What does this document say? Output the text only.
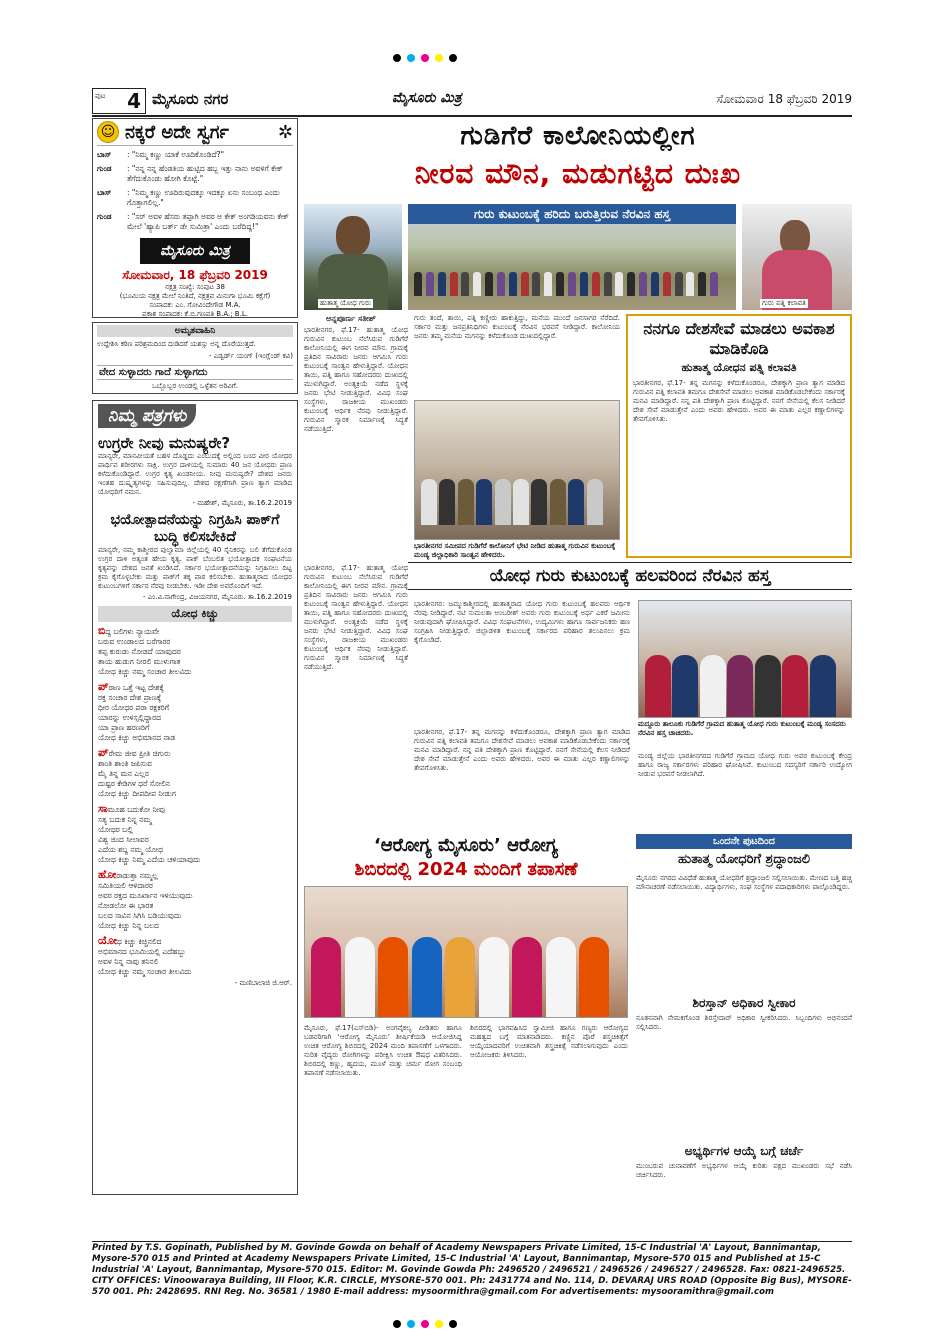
ಪುಟ 4 ಮೈಸೂರು ನಗರ	ಮೈಸೂರು ಮಿತ್ರ	ಸೋಮವಾರ 18 ಫೆಬ್ರವರಿ 2019
☺ ನಕ್ಕರೆ ಅದೇ ಸ್ವರ್ಗ	✲
ಬಾಸ್	: "ನಿಮ್ಮ ಕಣ್ಣು ಯಾಕೆ ಊದಿಕೊಂಡಿದೆ?"
ಗುಂಡ	: "ನನ್ನ ನನ್ನ ಹೆಂಡತಿಯ ಹುಟ್ಟಿದ ಹಬ್ಬ ಇತ್ತು ನಾನು ಅವಳಿಗೆ ಕೇಕ್ ತೆಗೆದುಕೊಂಡು ಹೋಗಿ ಕೊಟ್ಟೆ."
ಬಾಸ್	: "ನಿಮ್ಮ ಕಣ್ಣು ಊದಿರುವುದಕ್ಕೂ ಇದಕ್ಕೂ ಏನು ಸಂಬಂಧ ಎಂದು ಗೊತ್ತಾಗಲಿಲ್ಲ."
ಗುಂಡ	: "ಸರ್ ಅವಳ ಹೆಸರು ತಪ್ಪಾಗಿ ಅವರ ಅ ಕೇಕ್ ಅಂಗಡಿಯವನು ಕೇಕ್ ಮೇಲೆ 'ಹ್ಯಾಪಿ ಬರ್ತ್ ಡೇ ಸುಮಿತ್ರಾ' ಎಂದು ಬರೆದಿದ್ದ!"
ಮೈಸೂರು ಮಿತ್ರ
ಸೋಮವಾರ, 18 ಫೆಬ್ರವರಿ 2019
ನಕ್ಷತ್ರ ಸಂಖ್ಯೆ: ಸಂಪುಟ 38
(ಭೂಮಿಯ ನಕ್ಷತ್ರ ಮೇಲೆ ನಿಂತಿದೆ, ನಕ್ಷತ್ರವ ಮಿನುಗಾ ಭೂಮಿ ಕಕ್ಷೆಗೆ)
ಸಂಪಾದಕ: ಎಂ. ಗೋವಿಂದೇಗೌಡ M.A.
ಪ್ರಕಾಶ ಸಂಪಾದಕ: ಕೆ.ಬಿ.ಗಣಪತಿ B.A.; B.L.
ಅಮೃತವಾಹಿನಿ

ಉದ್ದೇಶಿಸಿ ಕಠಿಣ ಪರಿಶ್ರಮದಿಂದ ದುಡಿದರೆ ಯಶಸ್ಸು ಅನ್ನ ದೊರೆಯುತ್ತದೆ.

- ಎಡ್ವರ್ಡ್ ಯಂಗ್ (ಇಂಗ್ಲೆಂಡ್ ಕವಿ)

ವೇದ ಸುಳ್ಳಾದರು ಗಾದೆ ಸುಳ್ಳಾಗದು

ಒಬ್ಬೊಬ್ಬರ ಉಂಡಲ್ಲಿ ಒಳ್ಳೆತನ ಅರಿವಿಗೆ.

ನಿಮ್ಮ ಪತ್ರಗಳು
ಉಗ್ರರೇ ನೀವು ಮನುಷ್ಯರೇ?
ಮಾನ್ಯರೇ, ಮಾನವೀಯತೆ ಬಹಳ ದೊಡ್ಡದು ಎಂಬುದಕ್ಕೆ ಅಲ್ಲಿಂದ ಬಂದ ವೀರ ಯೋಧರ ಪಾರ್ಥಿವ ಶರೀರಗಳು ಸಾಕ್ಷಿ. ಉಗ್ರರ ದಾಳಿಯಲ್ಲಿ ಸುಮಾರು 40 ಜನ ಯೋಧರು ಪ್ರಾಣ ಕಳೆದುಕೊಂಡಿದ್ದಾರೆ. ಉಗ್ರರ ಕೃತ್ಯ ಖಂಡನೀಯ. ನೀವು ಮನುಷ್ಯರೇ? ದೇಶದ ಜನರು ಇಂತಹ ದುಷ್ಕೃತ್ಯಗಳನ್ನು ಸಹಿಸುವುದಿಲ್ಲ. ದೇಶದ ರಕ್ಷಣೆಗಾಗಿ ಪ್ರಾಣ ತ್ಯಾಗ ಮಾಡಿದ ಯೋಧರಿಗೆ ನಮನ.
- ಮಹೇಶ್, ಮೈಸೂರು, ತಾ.16.2.2019
ಭಯೋತ್ಪಾದನೆಯನ್ನು ನಿಗ್ರಹಿಸಿ ಪಾಕ್‌ಗೆ ಬುದ್ಧಿ ಕಲಿಸಬೇಕಿದೆ
ಮಾನ್ಯರೇ, ನಮ್ಮ ಕಾಶ್ಮೀರದ ಪುಲ್ವಾಮಾ ಜಿಲ್ಲೆಯಲ್ಲಿ 40 ಸೈನಿಕರನ್ನು ಬಲಿ ತೆಗೆದುಕೊಂಡ ಉಗ್ರರ ದಾಳಿ ಅತ್ಯಂತ ಹೇಯ ಕೃತ್ಯ. ಪಾಕ್ ಬೆಂಬಲಿತ ಭಯೋತ್ಪಾದಕ ಸಂಘಟನೆಯ ಕೃತ್ಯವನ್ನು ದೇಶದ ಜನತೆ ಖಂಡಿಸಿದೆ. ಸರ್ಕಾರ ಭಯೋತ್ಪಾದನೆಯನ್ನು ನಿಗ್ರಹಿಸಲು ದಿಟ್ಟ ಕ್ರಮ ಕೈಗೊಳ್ಳಬೇಕು ಮತ್ತು ಪಾಕ್‌ಗೆ ತಕ್ಕ ಪಾಠ ಕಲಿಸಬೇಕು. ಹುತಾತ್ಮರಾದ ಯೋಧರ ಕುಟುಂಬಗಳಿಗೆ ಸರ್ಕಾರ ನೆರವು ನೀಡಬೇಕು. ಇಡೀ ದೇಶ ಅವರೊಂದಿಗೆ ಇದೆ.
- ಎಂ.ವಿ.ನಾಗೇಂದ್ರ, ವಿಜಯನಗರ, ಮೈಸೂರು. ತಾ.16.2.2019
ಯೋಧ ಕಿಚ್ಚು
ಬಿದ್ದ ಬಲಿಗಳು ನ್ಯಾಯವೇ
ಬರುವ ಉಂಡಾಲದ ಬರೆಗಾರರ
ತಪ್ಪ ಕುರುಡು ನೋಡದೆ ಯಾವುದರ
ತಾಯ ಹುಡುಗ ನೀರಲಿ ಮುಳುಗಾತ
ಯೋಧ ಕಿಚ್ಚು ನಮ್ಮ ಸಂಚಾರ ತೀಲವಿದು
ಪ್ರಾಣ ಒತ್ತೆ ಇಟ್ಟ ದೇಶಕ್ಕೆ
ರಕ್ತ ಸಂಚಾರ ದೇಶ ಪ್ರಾಣಕ್ಕೆ
ಧೀರ ಯೋಧರ ಪರಾ ರಕ್ಷಕರಿಗೆ
ಯಾರನ್ನು ಉಳಿಸ್ಸಲ್ಲಿದ್ದಾರದ
ಯಾ ಪ್ರಾಣ ಹರಣರಿಗೆ
ಯೋಧ ಕಿಚ್ಚು ಅಭಿಮಾನದ ನಾಡ
ಪ್ರೇಮ ಜೀವ ಪ್ರೀತಿ ಚಿಗುರು
ಶಾಂತಿ ಶಾಂತಿ ಜಪಿಸುವ
ಮೈ ತಿನ್ನ ಮನ ಎಲ್ಲರ
ದುಷ್ಟರ ಕೇಡಿಗಳ ಧರೆ ಸೋಲಿನ
ಯೋಧ ಕಿಚ್ಚು ದೀಪದೀಪ ನೀಡುಗ
ಸಾಮೂಹ ಬದುಕೋ ನೀವು
ಸತ್ಯ ಬದುಕ ನಿನ್ನ ನಮ್ಮ
ಯೋಧರ ಬಲ್ಲಿ
ವಿಶ್ವ ಜಿಂದ ಸೀಲಾವರ
ಎದೆಯ ಶಬ್ದ ನಮ್ಮ ಯೋಧ
ಯೋಧ ಕಿಚ್ಚು ನಿಮ್ಮ ಎದೆಯ ಚಳಿಯಾವುದು
ಹೋರಾಡುತ್ತಾ ನಮ್ಮಲ್ಲ
ಸಮಿತಿಯಲಿ ಆಳಿದಾರರ
ಅವರ ರಕ್ತದ ಮೂರ್ಖಾನ ಇಳಿಯುವುದು
ನೋಡಲೋ ಈ ಭಾರತ
ಬಲದ ಸಾವಿನ ಸಿಗಿಸಿ ಬಡಿಯುವುದು
ಯೋಧ ಕಿಚ್ಚು ನಿನ್ನ ಬಲದ
ಯೋಧ ಕಿಚ್ಚು ಕಿಚ್ಚಿನಲಿದ
ಅಭಿಮಾನದ ಭೂಮಿಯಲ್ಲಿ ಎದೆಹಬ್ಬು
ಅವಳ ನಿನ್ನ ನಾವು ತನಿನಲಿ
ಯೋಧ ಕಿಚ್ಚು ನಮ್ಮ ಸಂಚಾರ ತೀಲವಿದು
- ಮಣಿಬಾಲಾಜಿ ಜಿ.ಆರ್.
ಗುಡಿಗೆರೆ ಕಾಲೋನಿಯಲ್ಲೀಗ
ನೀರವ ಮೌನ, ಮಡುಗಟ್ಟಿದ ದುಃಖ
ಹುತಾತ್ಮ ಯೋಧ ಗುರು
ಗುರು ಕುಟುಂಬಕ್ಕೆ ಹರಿದು ಬರುತ್ತಿರುವ ನೆರವಿನ ಹಸ್ತ
ಗುರು ಪತ್ನಿ ಕಲಾವತಿ
ಅನ್ನಪೂರ್ಣ ಸತೀಶ್
ಭಾರತೀನಗರ, ಫೆ.17- ಹುತಾತ್ಮ ಯೋಧ ಗುರುವಿನ ಕುಟುಂಬ ನೆಲೆಸಿರುವ ಗುಡಿಗೆರೆ ಕಾಲೋನಿಯಲ್ಲಿ ಈಗ ನೀರವ ಮೌನ. ಗ್ರಾಮಕ್ಕೆ ಪ್ರತಿದಿನ ಸಾವಿರಾರು ಜನರು ಆಗಮಿಸಿ ಗುರು ಕುಟುಂಬಕ್ಕೆ ಸಾಂತ್ವನ ಹೇಳುತ್ತಿದ್ದಾರೆ. ಯೋಧನ ತಾಯಿ, ಪತ್ನಿ ಹಾಗೂ ಸಹೋದರರು ದುಃಖದಲ್ಲಿ ಮುಳುಗಿದ್ದಾರೆ. ಅಂತ್ಯಕ್ರಿಯೆ ನಡೆದ ಸ್ಥಳಕ್ಕೆ ಜನರು ಭೇಟಿ ನೀಡುತ್ತಿದ್ದಾರೆ. ವಿವಿಧ ಸಂಘ ಸಂಸ್ಥೆಗಳು, ರಾಜಕೀಯ ಮುಖಂಡರು ಕುಟುಂಬಕ್ಕೆ ಆರ್ಥಿಕ ನೆರವು ನೀಡುತ್ತಿದ್ದಾರೆ. ಗುರುವಿನ ಸ್ಮಾರಕ ನಿರ್ಮಾಣಕ್ಕೆ ಸಿದ್ಧತೆ ನಡೆಯುತ್ತಿದೆ.
ಗುರು ತಂದೆ, ತಾಯಿ, ಪತ್ನಿ ಕಣ್ಣೀರು ಹಾಕುತ್ತಿದ್ದು, ಮನೆಯ ಮುಂದೆ ಜನಸಾಗರ ನೆರೆದಿದೆ. ಸರ್ಕಾರ ಮತ್ತು ಜನಪ್ರತಿನಿಧಿಗಳು ಕುಟುಂಬಕ್ಕೆ ನೆರವಿನ ಭರವಸೆ ನೀಡಿದ್ದಾರೆ. ಕಾಲೋನಿಯ ಜನರು ತಮ್ಮ ಮನೆಯ ಮಗನನ್ನು ಕಳೆದುಕೊಂಡ ದುಃಖದಲ್ಲಿದ್ದಾರೆ.
ಭಾರತೀನಗರ ಸಮೀಪದ ಗುಡಿಗೆರೆ ಕಾಲೋನಿಗೆ ಭೇಟಿ ನೀಡಿದ ಹುತಾತ್ಮ ಗುರುವಿನ ಕುಟುಂಬಕ್ಕೆ ಮಂಡ್ಯ ಜಿಲ್ಲಾಧಿಕಾರಿ ಸಾಂತ್ವನ ಹೇಳಿದರು.
ನನಗೂ ದೇಶಸೇವೆ ಮಾಡಲು ಅವಕಾಶ ಮಾಡಿಕೊಡಿ
ಹುತಾತ್ಮ ಯೋಧನ ಪತ್ನಿ ಕಲಾವತಿ
ಭಾರತೀನಗರ, ಫೆ.17- ತನ್ನ ಮಗನನ್ನು ಕಳೆದುಕೊಂಡರೂ, ದೇಶಕ್ಕಾಗಿ ಪ್ರಾಣ ತ್ಯಾಗ ಮಾಡಿದ ಗುರುವಿನ ಪತ್ನಿ ಕಲಾವತಿ ತಮಗೂ ದೇಶಸೇವೆ ಮಾಡಲು ಅವಕಾಶ ಮಾಡಿಕೊಡಬೇಕೆಂದು ಸರ್ಕಾರಕ್ಕೆ ಮನವಿ ಮಾಡಿದ್ದಾರೆ. ನನ್ನ ಪತಿ ದೇಶಕ್ಕಾಗಿ ಪ್ರಾಣ ಕೊಟ್ಟಿದ್ದಾರೆ. ನನಗೆ ಸೇನೆಯಲ್ಲಿ ಕೆಲಸ ನೀಡಿದರೆ ದೇಶ ಸೇವೆ ಮಾಡುತ್ತೇನೆ ಎಂದು ಅವರು ಹೇಳಿದರು. ಅವರ ಈ ಮಾತು ಎಲ್ಲರ ಕಣ್ಣಾಲಿಗಳನ್ನು ತೇವಗೊಳಿಸಿತು.
ಭಾರತೀನಗರ, ಫೆ.17- ಹುತಾತ್ಮ ಯೋಧ ಗುರುವಿನ ಕುಟುಂಬ ನೆಲೆಸಿರುವ ಗುಡಿಗೆರೆ ಕಾಲೋನಿಯಲ್ಲಿ ಈಗ ನೀರವ ಮೌನ. ಗ್ರಾಮಕ್ಕೆ ಪ್ರತಿದಿನ ಸಾವಿರಾರು ಜನರು ಆಗಮಿಸಿ ಗುರು ಕುಟುಂಬಕ್ಕೆ ಸಾಂತ್ವನ ಹೇಳುತ್ತಿದ್ದಾರೆ. ಯೋಧನ ತಾಯಿ, ಪತ್ನಿ ಹಾಗೂ ಸಹೋದರರು ದುಃಖದಲ್ಲಿ ಮುಳುಗಿದ್ದಾರೆ. ಅಂತ್ಯಕ್ರಿಯೆ ನಡೆದ ಸ್ಥಳಕ್ಕೆ ಜನರು ಭೇಟಿ ನೀಡುತ್ತಿದ್ದಾರೆ. ವಿವಿಧ ಸಂಘ ಸಂಸ್ಥೆಗಳು, ರಾಜಕೀಯ ಮುಖಂಡರು ಕುಟುಂಬಕ್ಕೆ ಆರ್ಥಿಕ ನೆರವು ನೀಡುತ್ತಿದ್ದಾರೆ. ಗುರುವಿನ ಸ್ಮಾರಕ ನಿರ್ಮಾಣಕ್ಕೆ ಸಿದ್ಧತೆ ನಡೆಯುತ್ತಿದೆ.
ಯೋಧ ಗುರು ಕುಟುಂಬಕ್ಕೆ ಹಲವರಿಂದ ನೆರವಿನ ಹಸ್ತ
ಭಾರತೀನಗರ: ಜಮ್ಮುಕಾಶ್ಮೀರದಲ್ಲಿ ಹುತಾತ್ಮರಾದ ಯೋಧ ಗುರು ಕುಟುಂಬಕ್ಕೆ ಹಲವರು ಆರ್ಥಿಕ ನೆರವು ನೀಡಿದ್ದಾರೆ. ನಟಿ ಸುಮಲತಾ ಅಂಬರೀಶ್ ಅವರು ಗುರು ಕುಟುಂಬಕ್ಕೆ ಅರ್ಧ ಎಕರೆ ಜಮೀನು ನೀಡುವುದಾಗಿ ಘೋಷಿಸಿದ್ದಾರೆ. ವಿವಿಧ ಸಂಘಟನೆಗಳು, ಉದ್ಯಮಿಗಳು ಹಾಗೂ ಸಾರ್ವಜನಿಕರು ಹಣ ಸಂಗ್ರಹಿಸಿ ನೀಡುತ್ತಿದ್ದಾರೆ. ಜಿಲ್ಲಾಡಳಿತ ಕುಟುಂಬಕ್ಕೆ ಸರ್ಕಾರದ ಪರಿಹಾರ ತಲುಪಿಸಲು ಕ್ರಮ ಕೈಗೊಂಡಿದೆ.
ಮದ್ದೂರು ತಾಲೂಕು ಗುಡಿಗೆರೆ ಗ್ರಾಮದ ಹುತಾತ್ಮ ಯೋಧ ಗುರು ಕುಟುಂಬಕ್ಕೆ ಮಂಡ್ಯ ಸಂಸದರು ನೆರವಿನ ಹಸ್ತ ಚಾಚಿದರು.
ಮಂಡ್ಯ ಜಿಲ್ಲೆಯ ಭಾರತೀನಗರದ ಗುಡಿಗೆರೆ ಗ್ರಾಮದ ಯೋಧ ಗುರು ಅವರ ಕುಟುಂಬಕ್ಕೆ ಕೇಂದ್ರ ಹಾಗೂ ರಾಜ್ಯ ಸರ್ಕಾರಗಳು ಪರಿಹಾರ ಘೋಷಿಸಿವೆ. ಕುಟುಂಬದ ಸದಸ್ಯರಿಗೆ ಸರ್ಕಾರಿ ಉದ್ಯೋಗ ನೀಡುವ ಭರವಸೆ ನೀಡಲಾಗಿದೆ.
ಭಾರತೀನಗರ, ಫೆ.17- ತನ್ನ ಮಗನನ್ನು ಕಳೆದುಕೊಂಡರೂ, ದೇಶಕ್ಕಾಗಿ ಪ್ರಾಣ ತ್ಯಾಗ ಮಾಡಿದ ಗುರುವಿನ ಪತ್ನಿ ಕಲಾವತಿ ತಮಗೂ ದೇಶಸೇವೆ ಮಾಡಲು ಅವಕಾಶ ಮಾಡಿಕೊಡಬೇಕೆಂದು ಸರ್ಕಾರಕ್ಕೆ ಮನವಿ ಮಾಡಿದ್ದಾರೆ. ನನ್ನ ಪತಿ ದೇಶಕ್ಕಾಗಿ ಪ್ರಾಣ ಕೊಟ್ಟಿದ್ದಾರೆ. ನನಗೆ ಸೇನೆಯಲ್ಲಿ ಕೆಲಸ ನೀಡಿದರೆ ದೇಶ ಸೇವೆ ಮಾಡುತ್ತೇನೆ ಎಂದು ಅವರು ಹೇಳಿದರು. ಅವರ ಈ ಮಾತು ಎಲ್ಲರ ಕಣ್ಣಾಲಿಗಳನ್ನು ತೇವಗೊಳಿಸಿತು.
‘ಆರೋಗ್ಯ ಮೈಸೂರು’ ಆರೋಗ್ಯ
ಶಿಬಿರದಲ್ಲಿ 2024 ಮಂದಿಗೆ ತಪಾಸಣೆ
ಮೈಸೂರು, ಫೆ.17(ಎಸ್‌ಬಿಡಿ)- ಅಂಗವೈಕಲ್ಯ ಪೀಡಿತರು ಹಾಗೂ ಬಡವರಿಗಾಗಿ ‘ಆರೋಗ್ಯ ಮೈಸೂರು’ ಶೀರ್ಷಿಕೆಯಡಿ ಆಯೋಜಿಸಿದ್ದ ಉಚಿತ ಆರೋಗ್ಯ ಶಿಬಿರದಲ್ಲಿ 2024 ಮಂದಿ ತಪಾಸಣೆಗೆ ಒಳಗಾದರು. ನುರಿತ ವೈದ್ಯರು ರೋಗಿಗಳನ್ನು ಪರೀಕ್ಷಿಸಿ ಉಚಿತ ಔಷಧ ವಿತರಿಸಿದರು. ಶಿಬಿರದಲ್ಲಿ ಕಣ್ಣು, ಹೃದಯ, ಮೂಳೆ ಮತ್ತು ಚರ್ಮ ರೋಗ ಸಂಬಂಧಿ ತಪಾಸಣೆ ನಡೆಸಲಾಯಿತು.
ಶಿಬಿರದಲ್ಲಿ ಭಾಗವಹಿಸಿದ ಸ್ವಾಮೀಜಿ ಹಾಗೂ ಗಣ್ಯರು ಆರೋಗ್ಯದ ಮಹತ್ವದ ಬಗ್ಗೆ ಮಾತನಾಡಿದರು. ಕಣ್ಣಿನ ಪೊರೆ ಶಸ್ತ್ರಚಿಕಿತ್ಸೆಗೆ ಆಯ್ಕೆಯಾದವರಿಗೆ ಉಚಿತವಾಗಿ ಶಸ್ತ್ರಚಿಕಿತ್ಸೆ ನಡೆಸಲಾಗುವುದು ಎಂದು ಆಯೋಜಕರು ತಿಳಿಸಿದರು.
ಒಂದನೇ ಪುಟದಿಂದ
ಹುತಾತ್ಮ ಯೋಧರಿಗೆ ಶ್ರದ್ಧಾಂಜಲಿ
ಮೈಸೂರು ನಗರದ ವಿವಿಧೆಡೆ ಹುತಾತ್ಮ ಯೋಧರಿಗೆ ಶ್ರದ್ಧಾಂಜಲಿ ಸಲ್ಲಿಸಲಾಯಿತು. ಮೇಣದ ಬತ್ತಿ ಹಚ್ಚಿ ಮೌನಾಚರಣೆ ನಡೆಸಲಾಯಿತು. ವಿದ್ಯಾರ್ಥಿಗಳು, ಸಂಘ ಸಂಸ್ಥೆಗಳ ಪದಾಧಿಕಾರಿಗಳು ಪಾಲ್ಗೊಂಡಿದ್ದರು.
ಶಿರಸ್ತಾನ್ ಅಧಿಕಾರ ಸ್ವೀಕಾರ
ನೂತನವಾಗಿ ನೇಮಕಗೊಂಡ ಶಿರಸ್ತೇದಾರ್ ಅಧಿಕಾರ ಸ್ವೀಕರಿಸಿದರು. ಸಿಬ್ಬಂದಿಗಳು ಅಭಿನಂದನೆ ಸಲ್ಲಿಸಿದರು.
ಅಭ್ಯರ್ಥಿಗಳ ಆಯ್ಕೆ ಬಗ್ಗೆ ಚರ್ಚೆ
ಮುಂಬರುವ ಚುನಾವಣೆಗೆ ಅಭ್ಯರ್ಥಿಗಳ ಆಯ್ಕೆ ಕುರಿತು ಪಕ್ಷದ ಮುಖಂಡರು ಸಭೆ ನಡೆಸಿ ಚರ್ಚಿಸಿದರು.
Printed by T.S. Gopinath, Published by M. Govinde Gowda on behalf of Academy Newspapers Private Limited, 15-C Industrial 'A' Layout, Bannimantap, Mysore-570 015 and Printed at Academy Newspapers Private Limited, 15-C Industrial 'A' Layout, Bannimantap, Mysore-570 015 and Published at 15-C Industrial 'A' Layout, Bannimantap, Mysore-570 015. Editor: M. Govinde Gowda Ph: 2496520 / 2496521 / 2496526 / 2496527 / 2496528. Fax: 0821-2496525. CITY OFFICES: Vinoowaraya Building, III Floor, K.R. CIRCLE, MYSORE-570 001. Ph: 2431774 and No. 114, D. DEVARAJ URS ROAD (Opposite Big Bus), MYSORE-570 001. Ph: 2428695. RNI Reg. No. 36581 / 1980 E-mail address: mysoormithra@gmail.com For advertisements: mysooramithra@gmail.com
